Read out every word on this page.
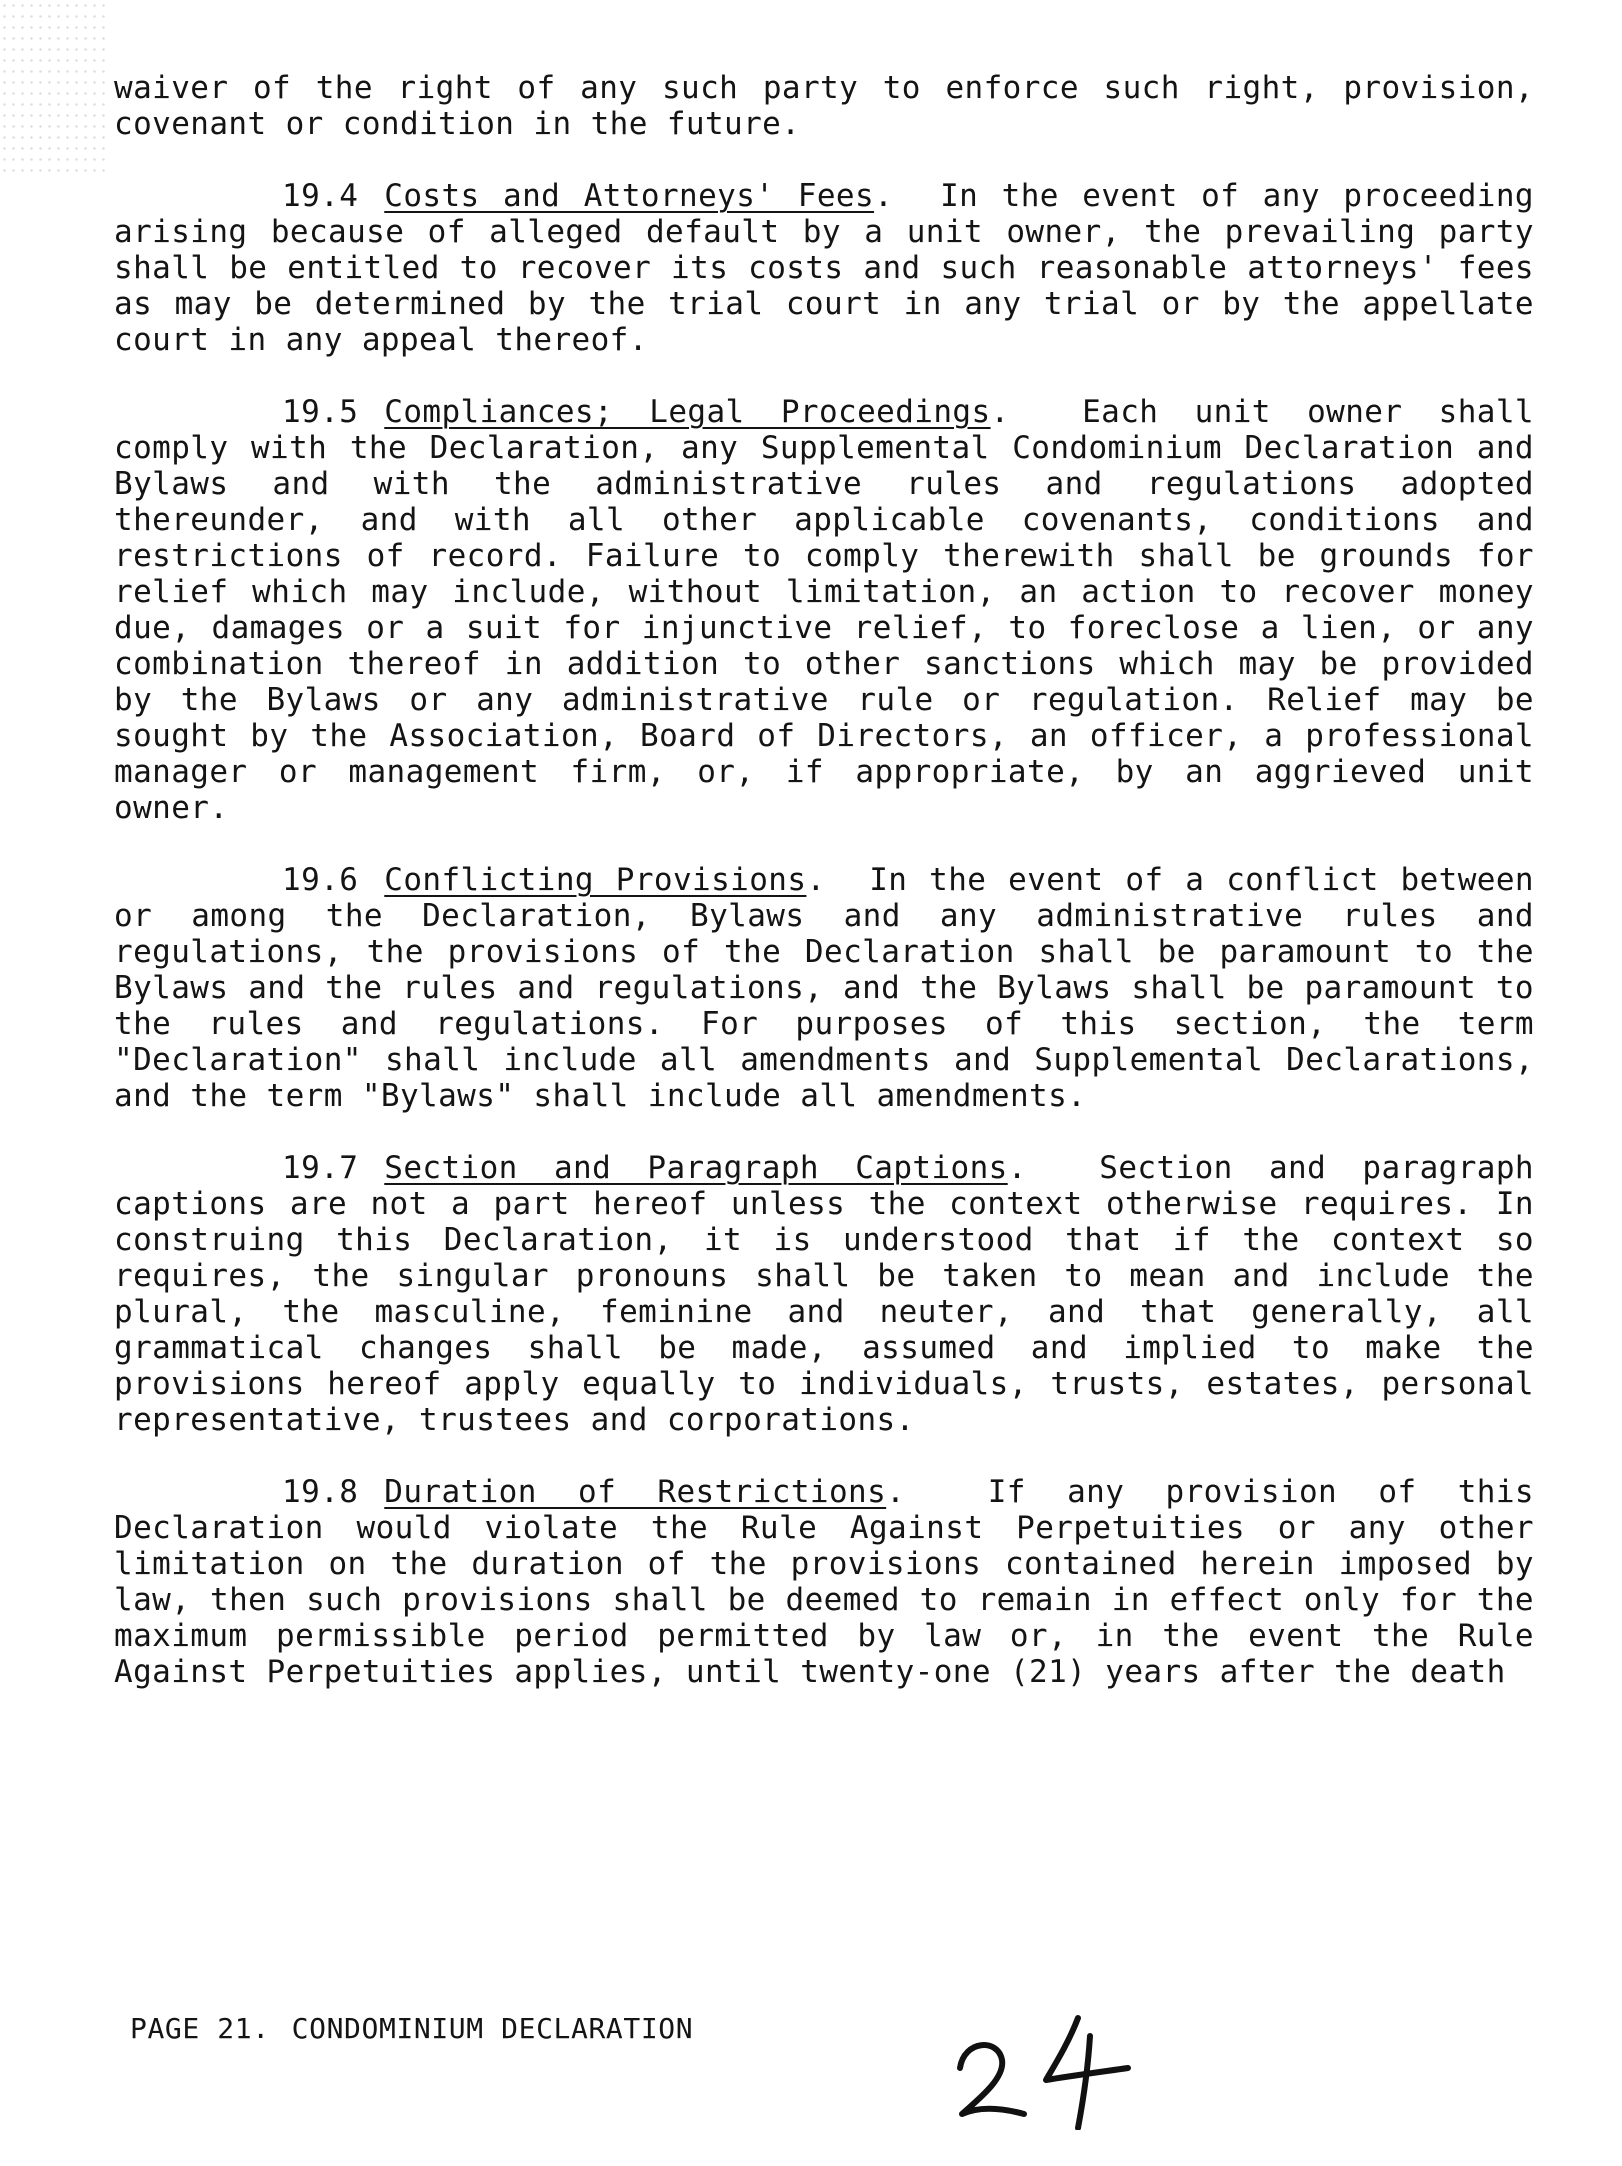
waiver of the right of any such party to enforce such right, provision, covenant or condition in the future.

19.4 Costs and Attorneys' Fees.  In the event of any proceeding arising because of alleged default by a unit owner, the prevailing party shall be entitled to recover its costs and such reasonable attorneys' fees as may be determined by the trial court in any trial or by the appellate court in any appeal thereof.

19.5 Compliances; Legal Proceedings.  Each unit owner shall comply with the Declaration, any Supplemental Condominium Declaration and Bylaws and with the administrative rules and regulations adopted thereunder, and with all other applicable covenants, conditions and restrictions of record. Failure to comply therewith shall be grounds for relief which may include, without limitation, an action to recover money due, damages or a suit for injunctive relief, to foreclose a lien, or any combination thereof in addition to other sanctions which may be provided by the Bylaws or any administrative rule or regulation. Relief may be sought by the Association, Board of Directors, an officer, a professional manager or management firm, or, if appropriate, by an aggrieved unit owner.

19.6 Conflicting Provisions.  In the event of a conflict between or among the Declaration, Bylaws and any administrative rules and regulations, the provisions of the Declaration shall be paramount to the Bylaws and the rules and regulations, and the Bylaws shall be paramount to the rules and regulations. For purposes of this section, the term "Declaration" shall include all amendments and Supplemental Declarations, and the term "Bylaws" shall include all amendments.

19.7 Section and Paragraph Captions.  Section and paragraph captions are not a part hereof unless the context otherwise requires. In construing this Declaration, it is understood that if the context so requires, the singular pronouns shall be taken to mean and include the plural, the masculine, feminine and neuter, and that generally, all grammatical changes shall be made, assumed and implied to make the provisions hereof apply equally to individuals, trusts, estates, personal representative, trustees and corporations.

19.8 Duration of Restrictions.  If any provision of this Declaration would violate the Rule Against Perpetuities or any other limitation on the duration of the provisions contained herein imposed by law, then such provisions shall be deemed to remain in effect only for the maximum permissible period permitted by law or, in the event the Rule Against Perpetuities applies, until twenty-one (21) years after the death

PAGE 21. CONDOMINIUM DECLARATION
